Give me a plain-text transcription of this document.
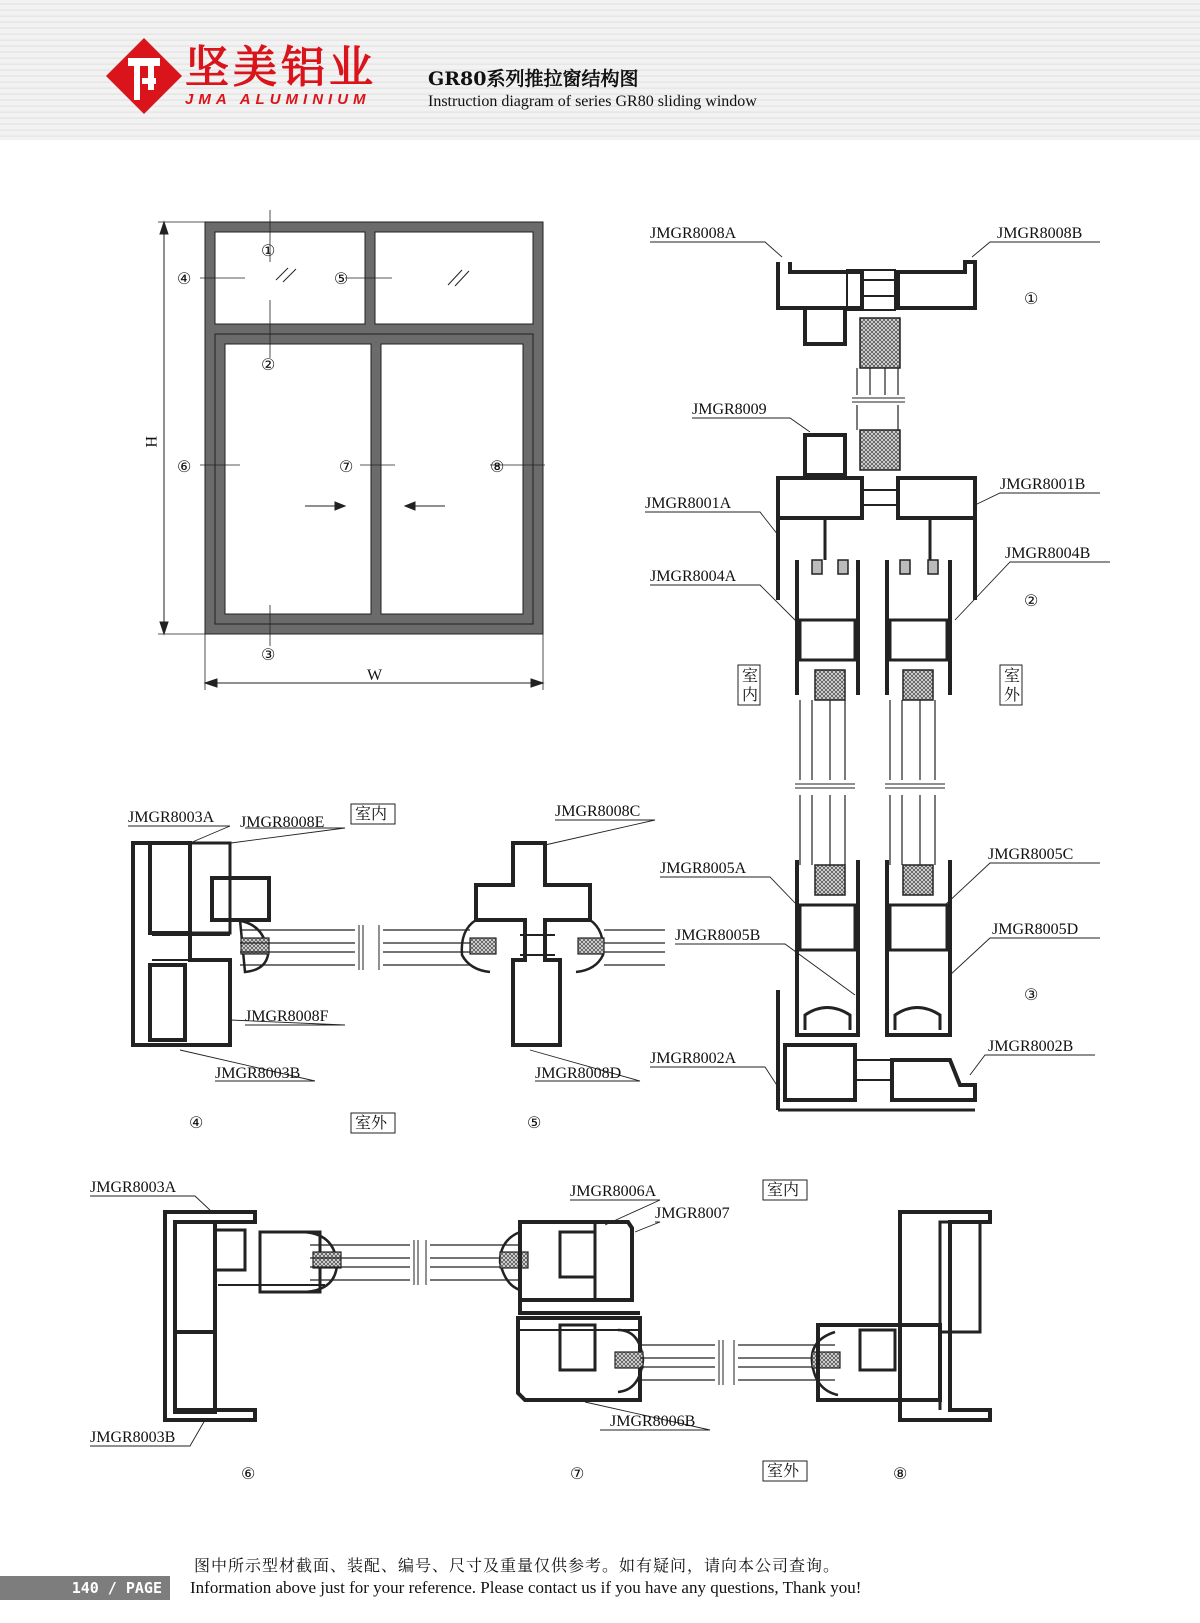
坚美铝业
JMA ALUMINIUM
GR80系列推拉窗结构图
Instruction diagram of series GR80 sliding window
H
W
①
④	⑤
②
⑥	⑦	⑧
③
①
②
③
室
内
室
外
JMGR8008A	JMGR8008B
JMGR8009
JMGR8001B
JMGR8001A
JMGR8004B
JMGR8004A
JMGR8005C
JMGR8005A
JMGR8005D
JMGR8005B
JMGR8002B
JMGR8002A
JMGR8003A JMGR8008E
JMGR8008C
JMGR8008F
JMGR8003B	JMGR8008D
室内
室外
④	⑤
JMGR8003A	JMGR8006A
JMGR8007
JMGR8003B
JMGR8006B
室内
室外
⑥	⑦	⑧
图中所示型材截面、装配、编号、尺寸及重量仅供参考。如有疑问，请向本公司查询。
Information above just for your reference. Please contact us if you have any questions, Thank you!
140 / PAGE
